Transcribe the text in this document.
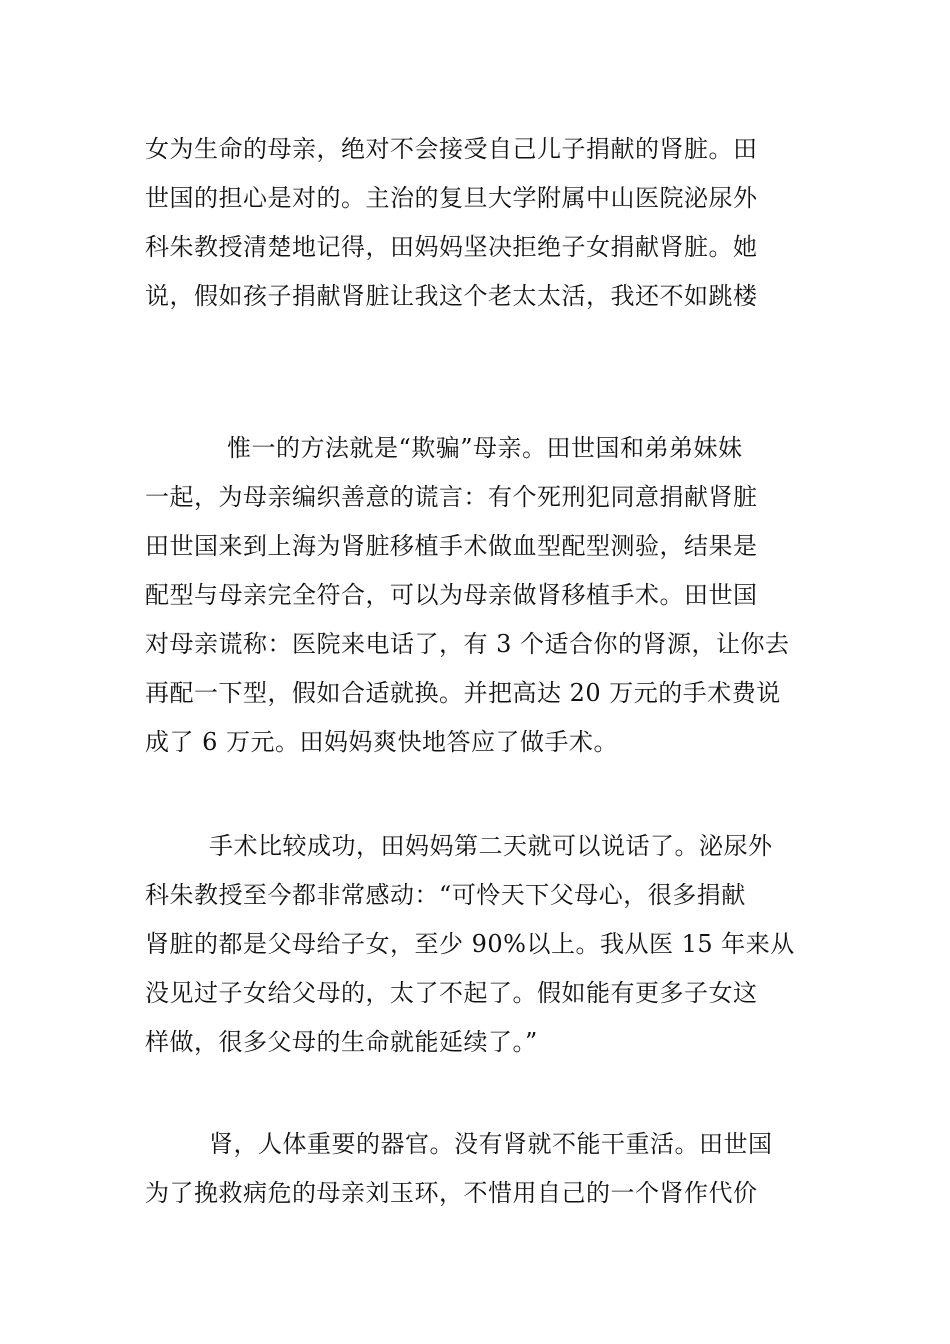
女为生命的母亲，绝对不会接受自己儿子捐献的肾脏。田
世国的担心是对的。主治的复旦大学附属中山医院泌尿外
科朱教授清楚地记得，田妈妈坚决拒绝子女捐献肾脏。她
说，假如孩子捐献肾脏让我这个老太太活，我还不如跳楼
惟一的方法就是“欺骗”母亲。田世国和弟弟妹妹
一起，为母亲编织善意的谎言：有个死刑犯同意捐献肾脏
田世国来到上海为肾脏移植手术做血型配型测验，结果是
配型与母亲完全符合，可以为母亲做肾移植手术。田世国
对母亲谎称：医院来电话了，有 3 个适合你的肾源，让你去
再配一下型，假如合适就换。并把高达 20 万元的手术费说
成了 6 万元。田妈妈爽快地答应了做手术。
手术比较成功，田妈妈第二天就可以说话了。泌尿外
科朱教授至今都非常感动：“可怜天下父母心，很多捐献
肾脏的都是父母给子女，至少 90%以上。我从医 15 年来从
没见过子女给父母的，太了不起了。假如能有更多子女这
样做，很多父母的生命就能延续了。”
肾，人体重要的器官。没有肾就不能干重活。田世国
为了挽救病危的母亲刘玉环，不惜用自己的一个肾作代价
